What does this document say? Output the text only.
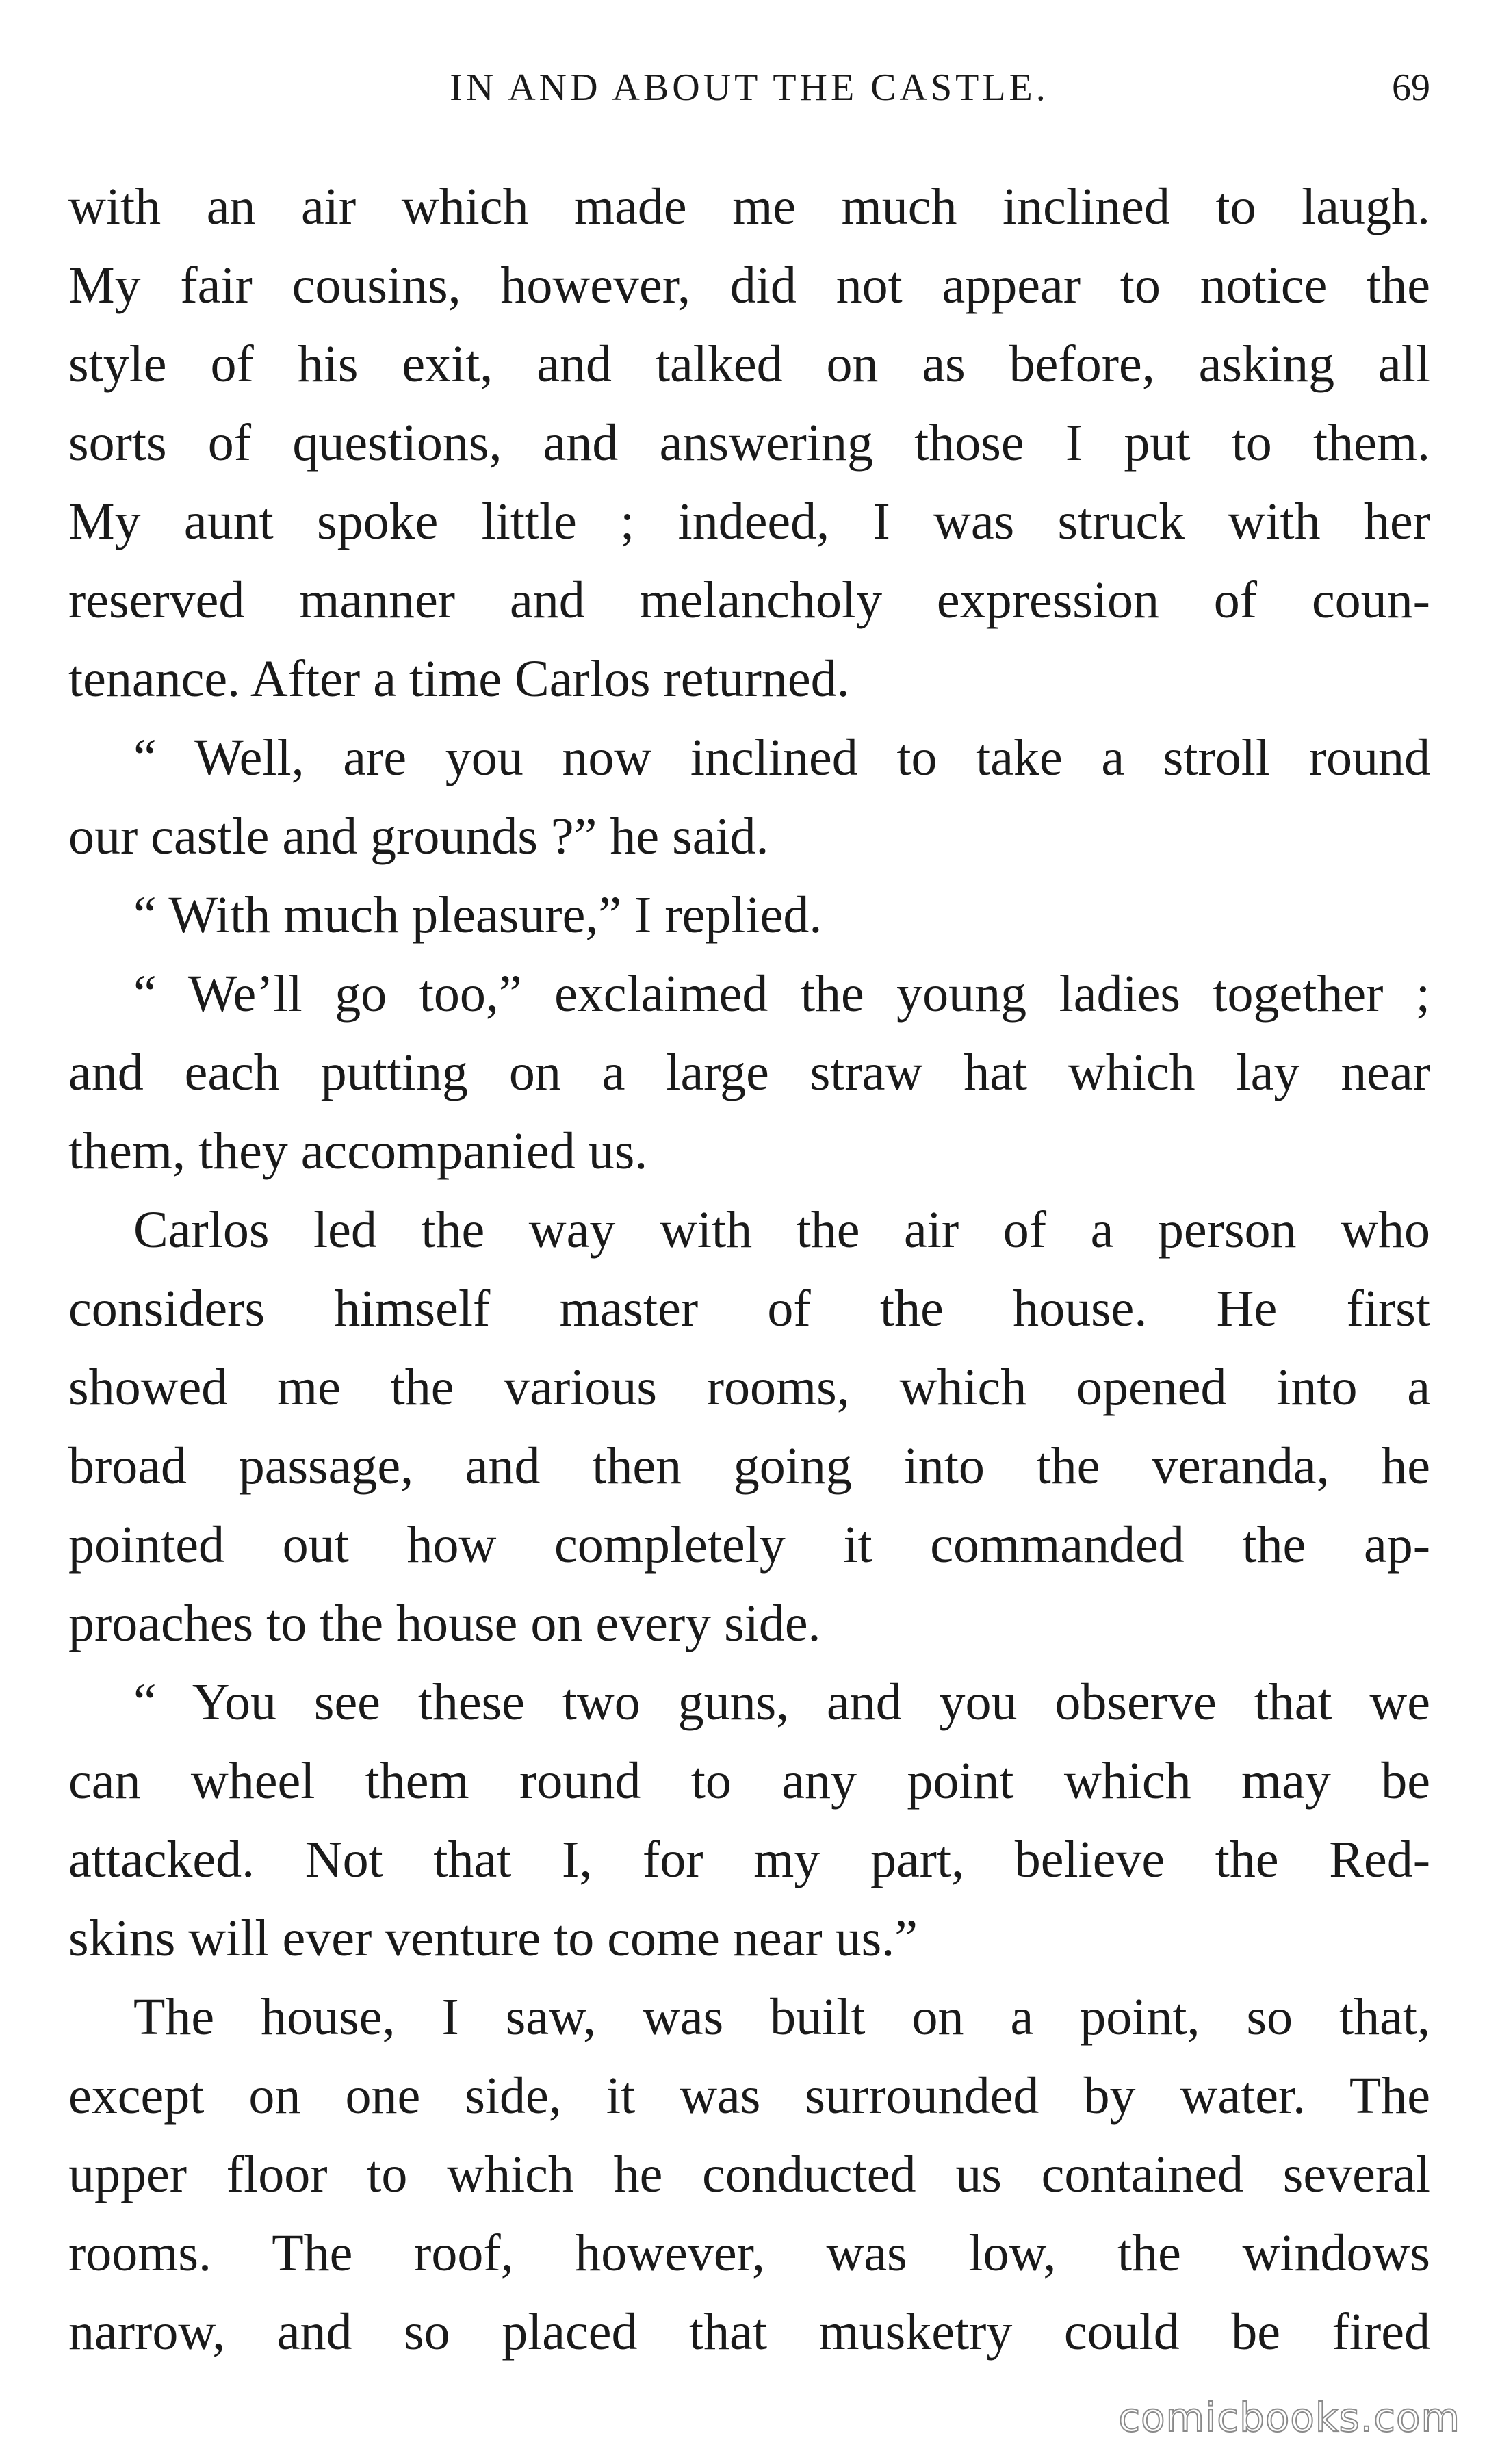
IN AND ABOUT THE CASTLE.	69
with an air which made me much inclined to laugh.
My fair cousins, however, did not appear to notice the
style of his exit, and talked on as before, asking all
sorts of questions, and answering those I put to them.
My aunt spoke little ; indeed, I was struck with her
reserved manner and melancholy expression of coun-
tenance. After a time Carlos returned.
“ Well, are you now inclined to take a stroll round
our castle and grounds ?” he said.
“ With much pleasure,” I replied.
“ We’ll go too,” exclaimed the young ladies together ;
and each putting on a large straw hat which lay near
them, they accompanied us.
Carlos led the way with the air of a person who
considers himself master of the house. He first
showed me the various rooms, which opened into a
broad passage, and then going into the veranda, he
pointed out how completely it commanded the ap-
proaches to the house on every side.
“ You see these two guns, and you observe that we
can wheel them round to any point which may be
attacked. Not that I, for my part, believe the Red-
skins will ever venture to come near us.”
The house, I saw, was built on a point, so that,
except on one side, it was surrounded by water. The
upper floor to which he conducted us contained several
rooms. The roof, however, was low, the windows
narrow, and so placed that musketry could be fired
comicbooks.com
